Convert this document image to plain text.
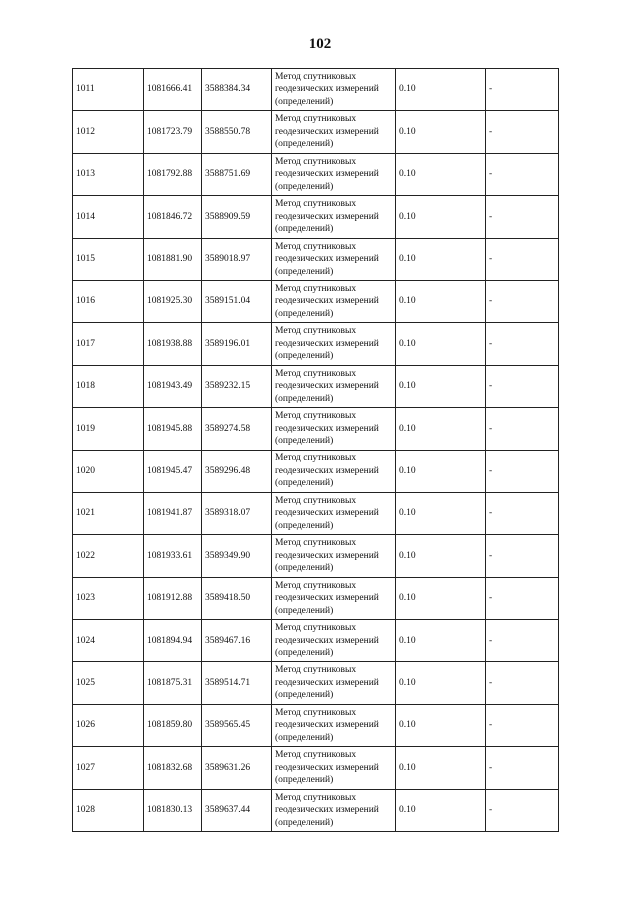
102
1011	1081666.41	3588384.34	Метод спутниковых
геодезических измерений
(определений)	0.10	-
1012	1081723.79	3588550.78	Метод спутниковых
геодезических измерений
(определений)	0.10	-
1013	1081792.88	3588751.69	Метод спутниковых
геодезических измерений
(определений)	0.10	-
1014	1081846.72	3588909.59	Метод спутниковых
геодезических измерений
(определений)	0.10	-
1015	1081881.90	3589018.97	Метод спутниковых
геодезических измерений
(определений)	0.10	-
1016	1081925.30	3589151.04	Метод спутниковых
геодезических измерений
(определений)	0.10	-
1017	1081938.88	3589196.01	Метод спутниковых
геодезических измерений
(определений)	0.10	-
1018	1081943.49	3589232.15	Метод спутниковых
геодезических измерений
(определений)	0.10	-
1019	1081945.88	3589274.58	Метод спутниковых
геодезических измерений
(определений)	0.10	-
1020	1081945.47	3589296.48	Метод спутниковых
геодезических измерений
(определений)	0.10	-
1021	1081941.87	3589318.07	Метод спутниковых
геодезических измерений
(определений)	0.10	-
1022	1081933.61	3589349.90	Метод спутниковых
геодезических измерений
(определений)	0.10	-
1023	1081912.88	3589418.50	Метод спутниковых
геодезических измерений
(определений)	0.10	-
1024	1081894.94	3589467.16	Метод спутниковых
геодезических измерений
(определений)	0.10	-
1025	1081875.31	3589514.71	Метод спутниковых
геодезических измерений
(определений)	0.10	-
1026	1081859.80	3589565.45	Метод спутниковых
геодезических измерений
(определений)	0.10	-
1027	1081832.68	3589631.26	Метод спутниковых
геодезических измерений
(определений)	0.10	-
1028	1081830.13	3589637.44	Метод спутниковых
геодезических измерений
(определений)	0.10	-
